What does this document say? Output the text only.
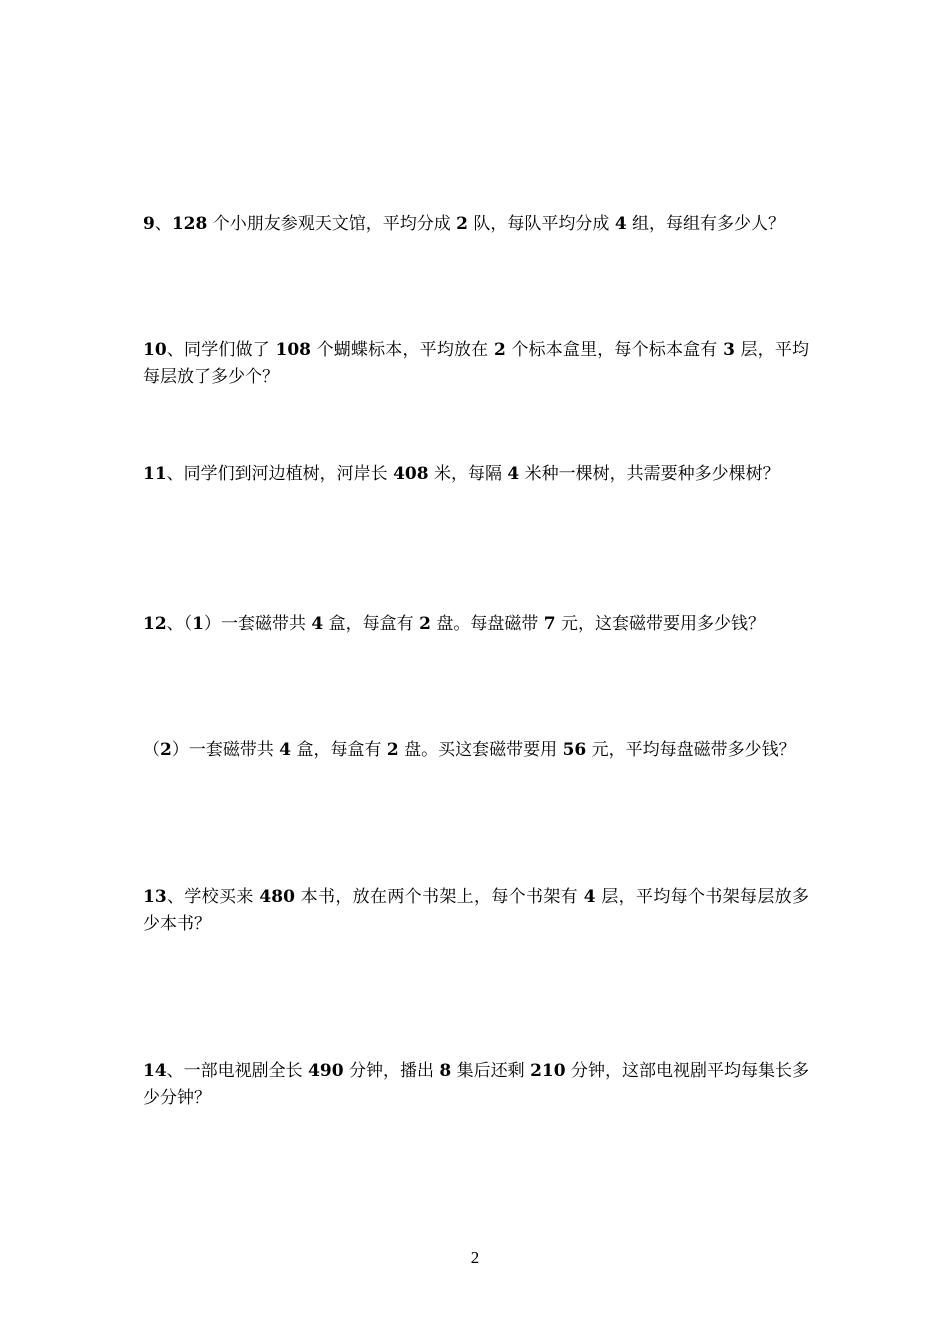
9、128 个小朋友参观天文馆，平均分成 2 队，每队平均分成 4 组，每组有多少人？

10、同学们做了 108 个蝴蝶标本，平均放在 2 个标本盒里，每个标本盒有 3 层，平均每层放了多少个？

11、同学们到河边植树，河岸长 408 米，每隔 4 米种一棵树，共需要种多少棵树？

12、（1）一套磁带共 4 盒，每盒有 2 盘。每盘磁带 7 元，这套磁带要用多少钱？

（2）一套磁带共 4 盒，每盒有 2 盘。买这套磁带要用 56 元，平均每盘磁带多少钱？

13、学校买来 480 本书，放在两个书架上，每个书架有 4 层，平均每个书架每层放多少本书？

14、一部电视剧全长 490 分钟，播出 8 集后还剩 210 分钟，这部电视剧平均每集长多少分钟？

2
